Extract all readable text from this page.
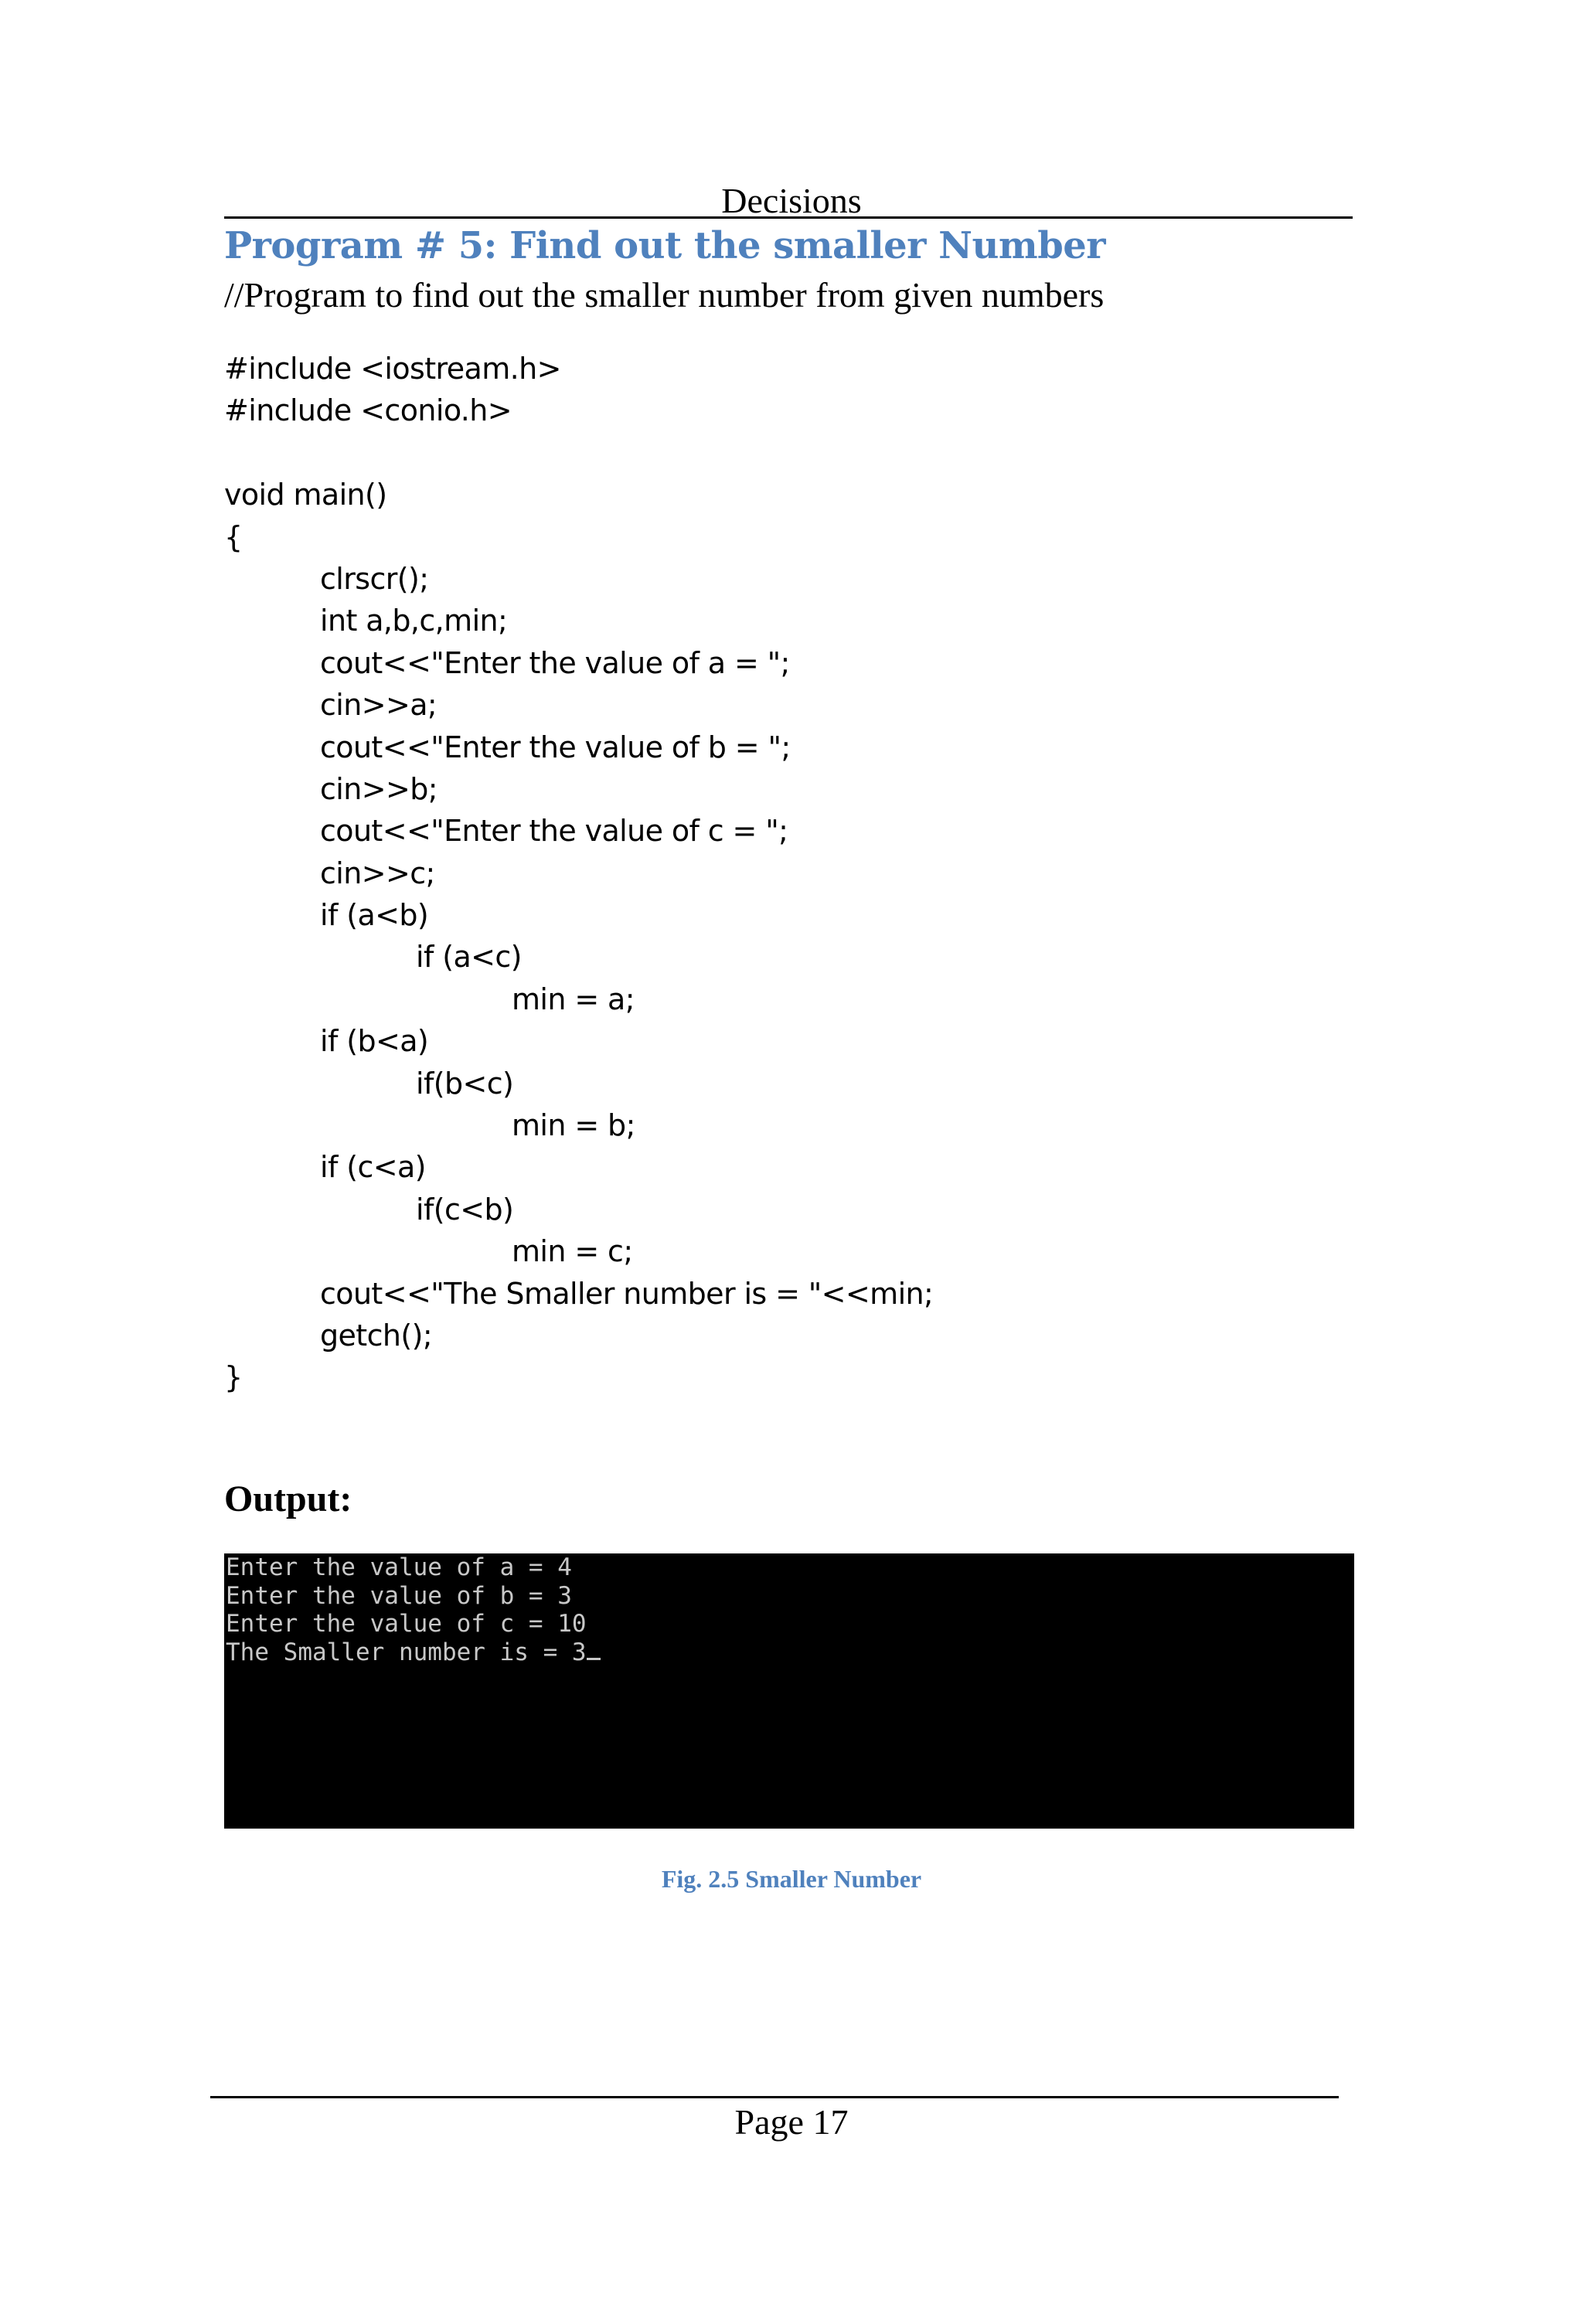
Decisions
Program # 5: Find out the smaller Number
//Program to find out the smaller number from given numbers
#include <iostream.h>
#include <conio.h>
void main()
{
clrscr();
int a,b,c,min;
cout<<"Enter the value of a = ";
cin>>a;
cout<<"Enter the value of b = ";
cin>>b;
cout<<"Enter the value of c = ";
cin>>c;
if (a<b)
if (a<c)
min = a;
if (b<a)
if(b<c)
min = b;
if (c<a)
if(c<b)
min = c;
cout<<"The Smaller number is = "<<min;
getch();
}
Output:
Enter the value of a = 4
Enter the value of b = 3
Enter the value of c = 10
The Smaller number is = 3
Fig. 2.5 Smaller Number
Page 17
